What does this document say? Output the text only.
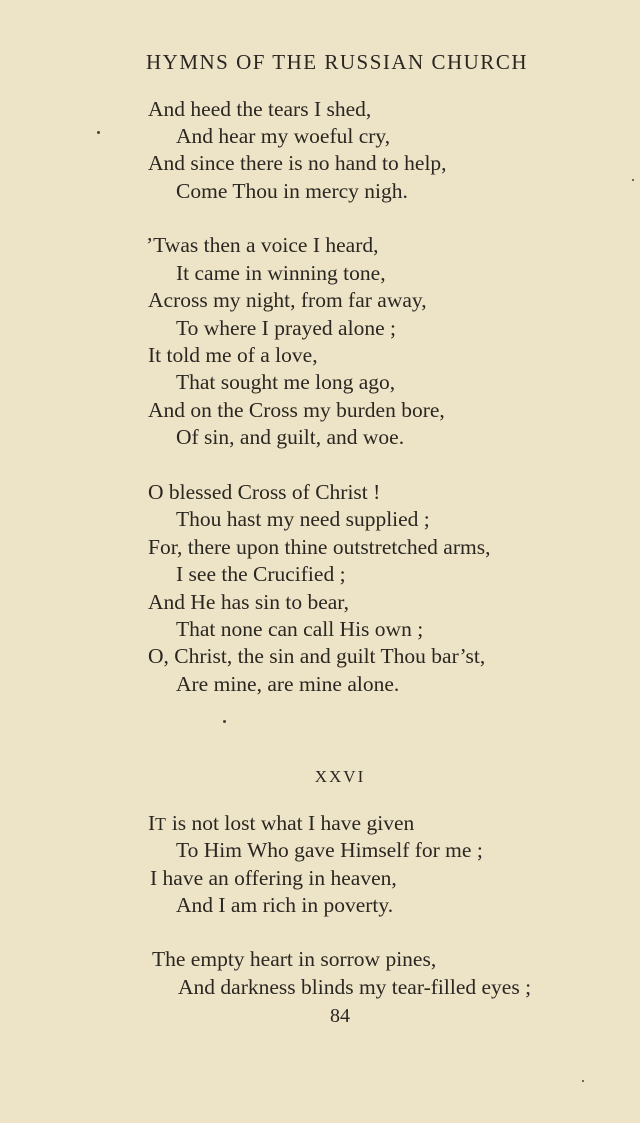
HYMNS OF THE RUSSIAN CHURCH
And heed the tears I shed,
And hear my woeful cry,
And since there is no hand to help,
Come Thou in mercy nigh.
’Twas then a voice I heard,
It came in winning tone,
Across my night, from far away,
To where I prayed alone ;
It told me of a love,
That sought me long ago,
And on the Cross my burden bore,
Of sin, and guilt, and woe.
O blessed Cross of Christ !
Thou hast my need supplied ;
For, there upon thine outstretched arms,
I see the Crucified ;
And He has sin to bear,
That none can call His own ;
O, Christ, the sin and guilt Thou bar’st,
Are mine, are mine alone.
XXVI
IT is not lost what I have given
To Him Who gave Himself for me ;
I have an offering in heaven,
And I am rich in poverty.
The empty heart in sorrow pines,
And darkness blinds my tear-filled eyes ;
84
